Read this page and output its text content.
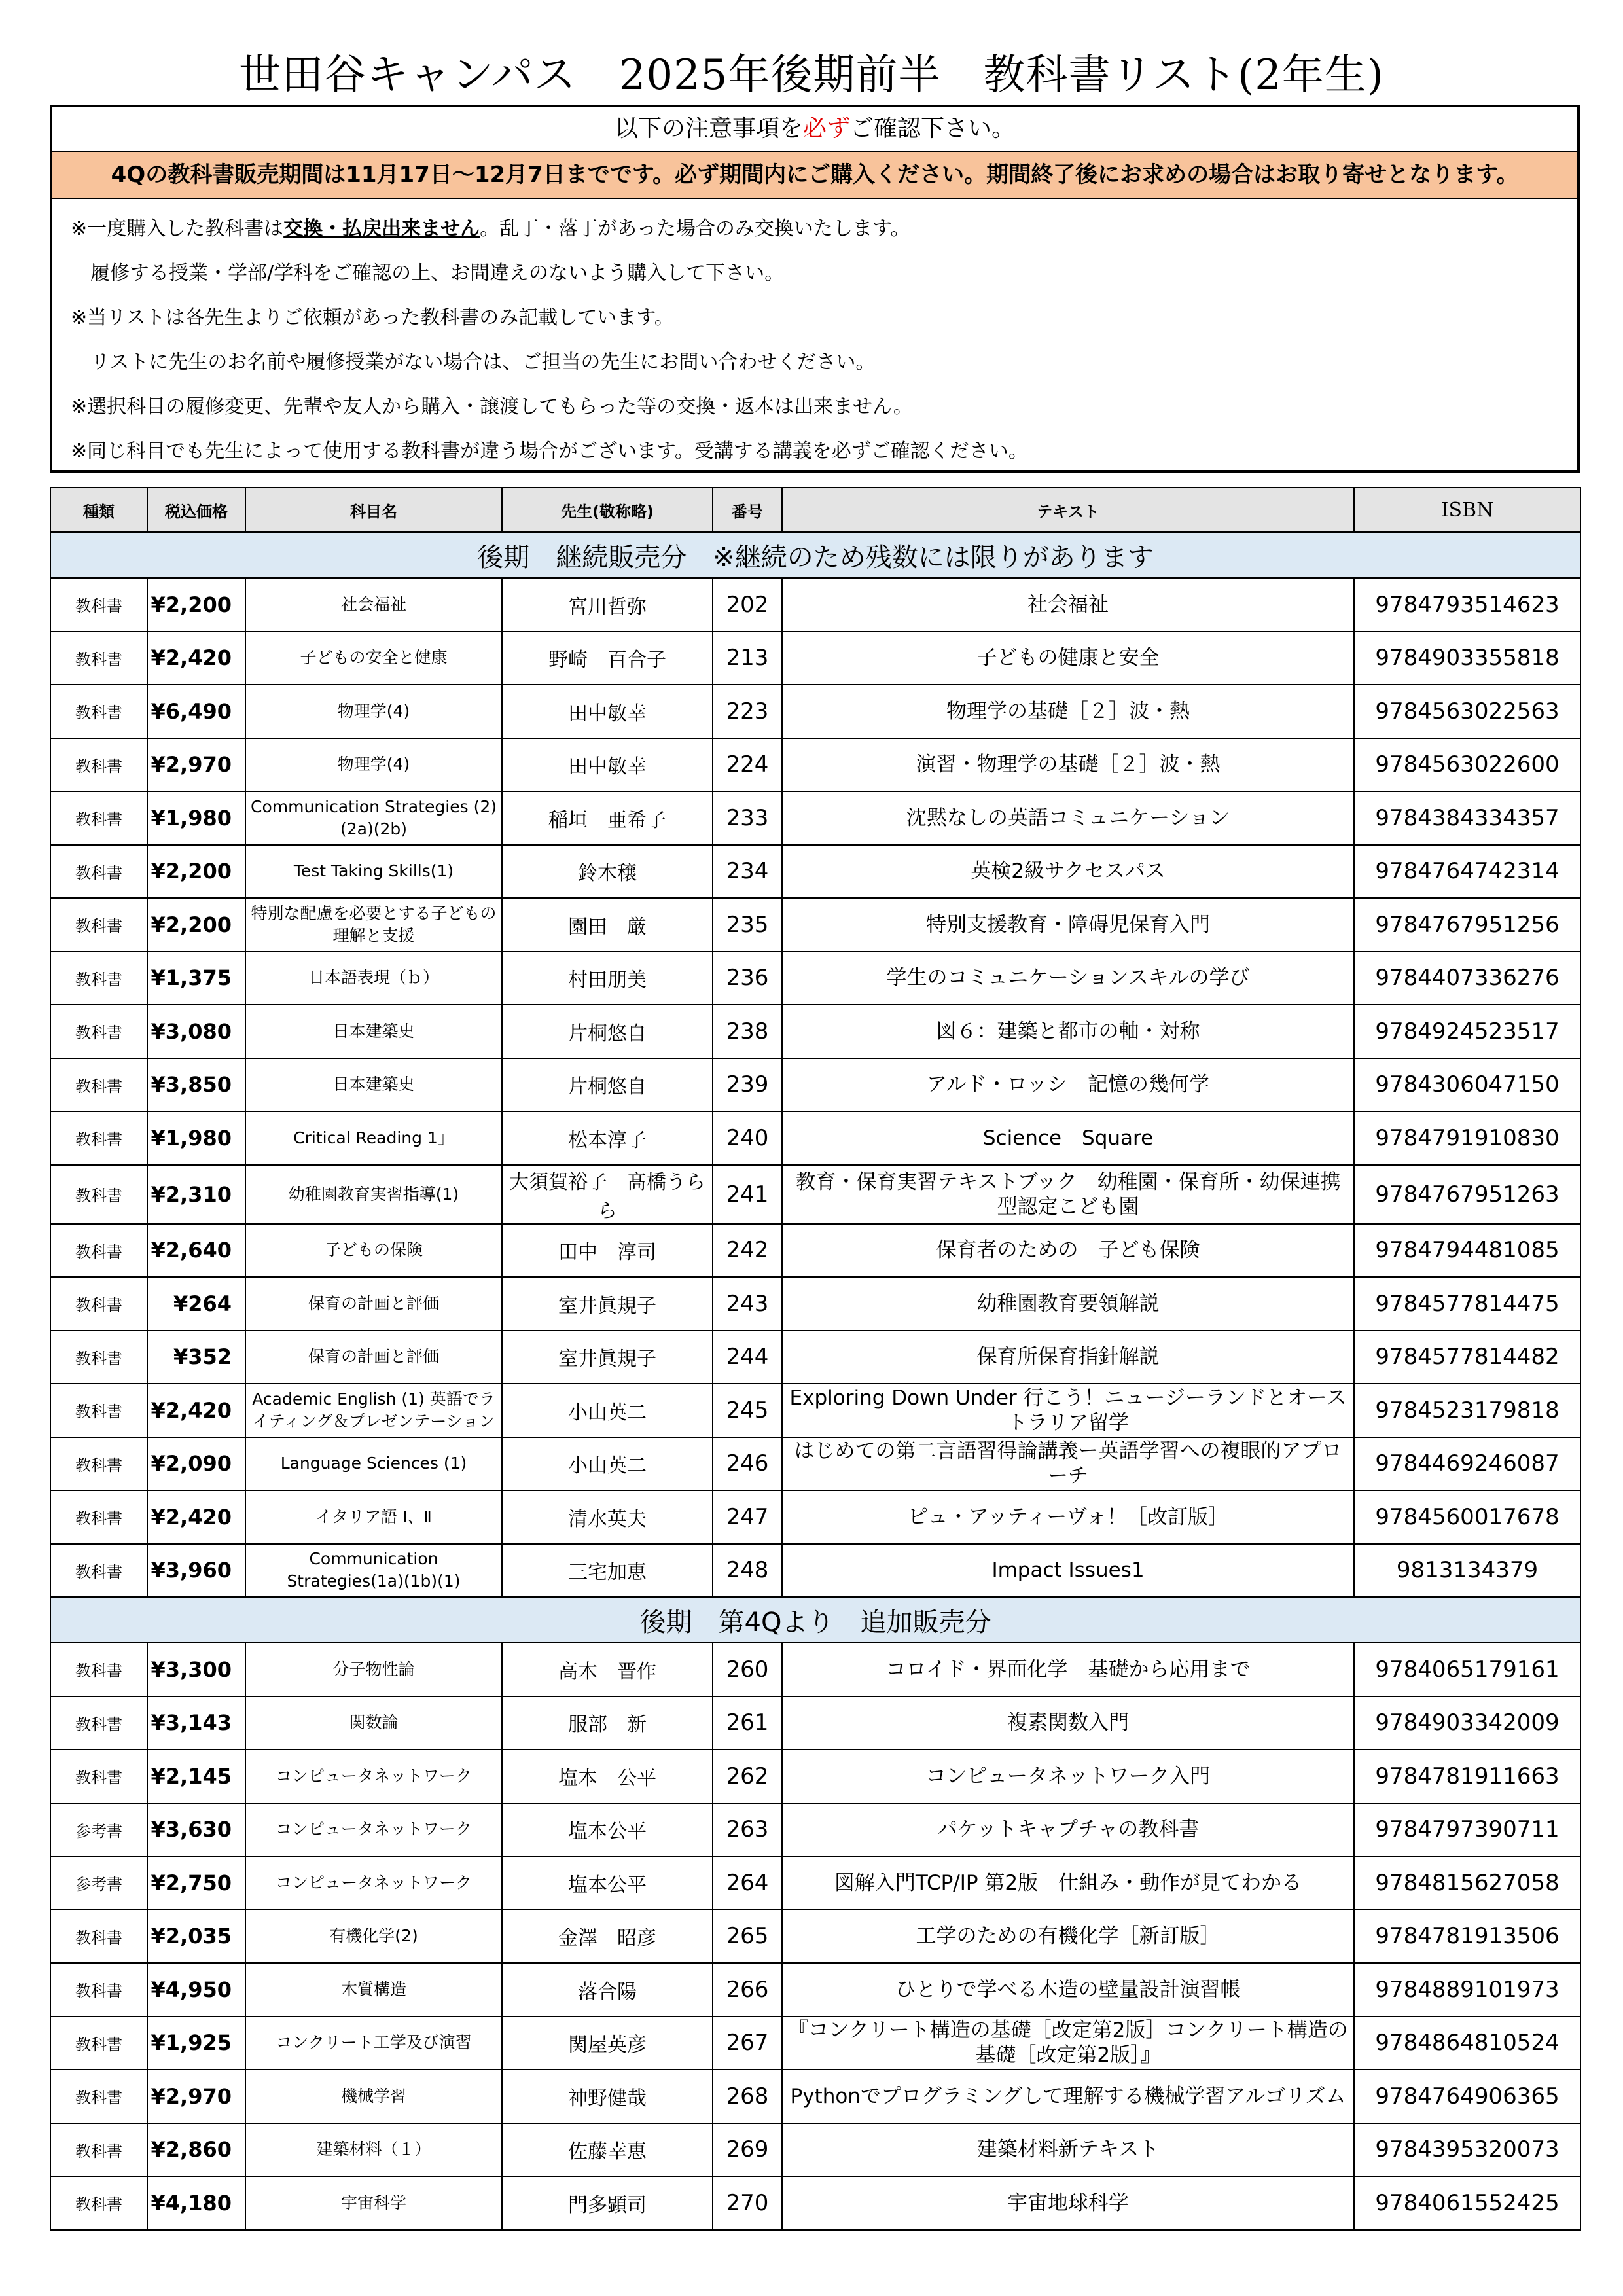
世田谷キャンパス　2025年後期前半　教科書リスト(2年生)
以下の注意事項を必ずご確認下さい。
4Qの教科書販売期間は11月17日～12月7日までです。必ず期間内にご購入ください。期間終了後にお求めの場合はお取り寄せとなります。
※一度購入した教科書は交換・払戻出来ません。乱丁・落丁があった場合のみ交換いたします。
　履修する授業・学部/学科をご確認の上、お間違えのないよう購入して下さい。
※当リストは各先生よりご依頼があった教科書のみ記載しています。
　リストに先生のお名前や履修授業がない場合は、ご担当の先生にお問い合わせください。
※選択科目の履修変更、先輩や友人から購入・譲渡してもらった等の交換・返本は出来ません。
※同じ科目でも先生によって使用する教科書が違う場合がございます。受講する講義を必ずご確認ください。
種類	税込価格	科目名	先生(敬称略)	番号	テキスト	ISBN
後期　継続販売分　※継続のため残数には限りがあります						
教科書	¥2,200	社会福祉	宮川哲弥	202	社会福祉	9784793514623
教科書	¥2,420	子どもの安全と健康	野崎　百合子	213	子どもの健康と安全	9784903355818
教科書	¥6,490	物理学(4)	田中敏幸	223	物理学の基礎［２］波・熱	9784563022563
教科書	¥2,970	物理学(4)	田中敏幸	224	演習・物理学の基礎［２］波・熱	9784563022600
教科書	¥1,980	Communication Strategies (2)(2a)(2b)	稲垣　亜希子	233	沈黙なしの英語コミュニケーション	9784384334357
教科書	¥2,200	Test Taking Skills(1)	鈴木穣	234	英検2級サクセスパス	9784764742314
教科書	¥2,200	特別な配慮を必要とする子どもの理解と支援	園田　厳	235	特別支援教育・障碍児保育入門	9784767951256
教科書	¥1,375	日本語表現（ｂ）	村田朋美	236	学生のコミュニケーションスキルの学び	9784407336276
教科書	¥3,080	日本建築史	片桐悠自	238	図６：建築と都市の軸・対称	9784924523517
教科書	¥3,850	日本建築史	片桐悠自	239	アルド・ロッシ　記憶の幾何学	9784306047150
教科書	¥1,980	Critical Reading 1」	松本淳子	240	Science　Square	9784791910830
教科書	¥2,310	幼稚園教育実習指導(1)	大須賀裕子　髙橋うらら	241	教育・保育実習テキストブック　幼稚園・保育所・幼保連携型認定こども園	9784767951263
教科書	¥2,640	子どもの保険	田中　淳司	242	保育者のための　子ども保険	9784794481085
教科書	¥264	保育の計画と評価	室井眞規子	243	幼稚園教育要領解説	9784577814475
教科書	¥352	保育の計画と評価	室井眞規子	244	保育所保育指針解説	9784577814482
教科書	¥2,420	Academic English (1) 英語でライティング＆プレゼンテーション	小山英二	245	Exploring Down Under 行こう！ニュージーランドとオーストラリア留学	9784523179818
教科書	¥2,090	Language Sciences (1)	小山英二	246	はじめての第二言語習得論講義ー英語学習への複眼的アプローチ	9784469246087
教科書	¥2,420	イタリア語 Ⅰ、Ⅱ	清水英夫	247	ピュ・アッティーヴォ！［改訂版］	9784560017678
教科書	¥3,960	Communication Strategies(1a)(1b)(1)	三宅加恵	248	Impact Issues1	9813134379
後期　第4Qより　追加販売分						
教科書	¥3,300	分子物性論	高木　晋作	260	コロイド・界面化学　基礎から応用まで	9784065179161
教科書	¥3,143	関数論	服部　新	261	複素関数入門	9784903342009
教科書	¥2,145	コンピュータネットワーク	塩本　公平	262	コンピュータネットワーク入門	9784781911663
参考書	¥3,630	コンピュータネットワーク	塩本公平	263	パケットキャプチャの教科書	9784797390711
参考書	¥2,750	コンピュータネットワーク	塩本公平	264	図解入門TCP/IP 第2版　仕組み・動作が見てわかる	9784815627058
教科書	¥2,035	有機化学(2)	金澤　昭彦	265	工学のための有機化学［新訂版］	9784781913506
教科書	¥4,950	木質構造	落合陽	266	ひとりで学べる木造の壁量設計演習帳	9784889101973
教科書	¥1,925	コンクリート工学及び演習	関屋英彦	267	『コンクリート構造の基礎［改定第2版］コンクリート構造の基礎［改定第2版］』	9784864810524
教科書	¥2,970	機械学習	神野健哉	268	Pythonでプログラミングして理解する機械学習アルゴリズム	9784764906365
教科書	¥2,860	建築材料（１）	佐藤幸恵	269	建築材料新テキスト	9784395320073
教科書	¥4,180	宇宙科学	門多顕司	270	宇宙地球科学	9784061552425
